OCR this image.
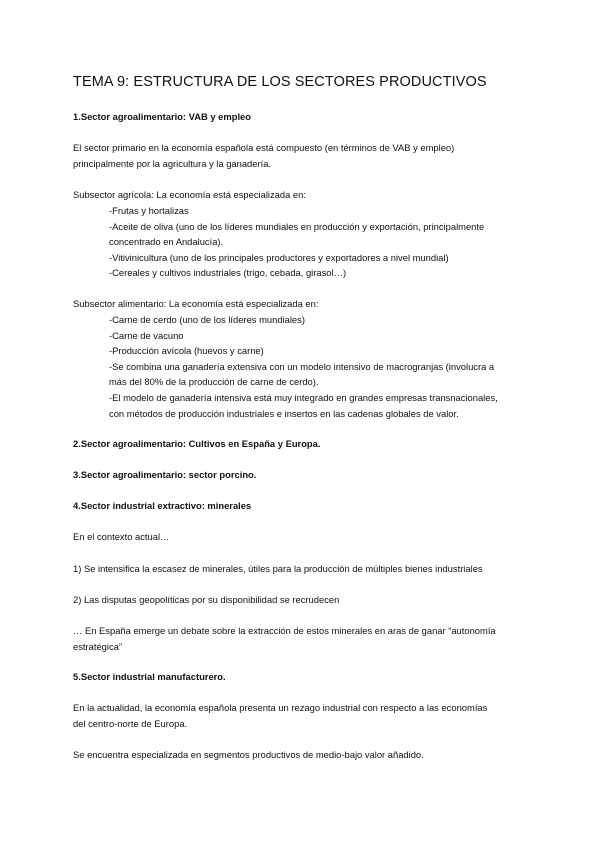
TEMA 9: ESTRUCTURA DE LOS SECTORES PRODUCTIVOS

1.Sector agroalimentario: VAB y empleo

El sector primario en la economía española está compuesto (en términos de VAB y empleo)
principalmente por la agricultura y la ganadería.

Subsector agrícola: La economía está especializada en:

-Frutas y hortalizas
-Aceite de oliva (uno de los líderes mundiales en producción y exportación, principalmente
concentrado en Andalucía).
-Vitivinicultura (uno de los principales productores y exportadores a nivel mundial)
-Cereales y cultivos industriales (trigo, cebada, girasol…)

Subsector alimentario: La economía está especializada en:

-Carne de cerdo (uno de los líderes mundiales)
-Carne de vacuno
-Producción avícola (huevos y carne)
-Se combina una ganadería extensiva con un modelo intensivo de macrogranjas (involucra a
más del 80% de la producción de carne de cerdo).
-El modelo de ganadería intensiva está muy integrado en grandes empresas transnacionales,
con métodos de producción industriales e insertos en las cadenas globales de valor.

2.Sector agroalimentario: Cultivos en España y Europa.

3.Sector agroalimentario: sector porcino.

4.Sector industrial extractivo: minerales

En el contexto actual…

1) Se intensifica la escasez de minerales, útiles para la producción de múltiples bienes industriales

2) Las disputas geopolíticas por su disponibilidad se recrudecen

… En España emerge un debate sobre la extracción de estos minerales en aras de ganar “autonomía
estratégica”

5.Sector industrial manufacturero.

En la actualidad, la economía española presenta un rezago industrial con respecto a las economías
del centro-norte de Europa.

Se encuentra especializada en segmentos productivos de medio-bajo valor añadido.
